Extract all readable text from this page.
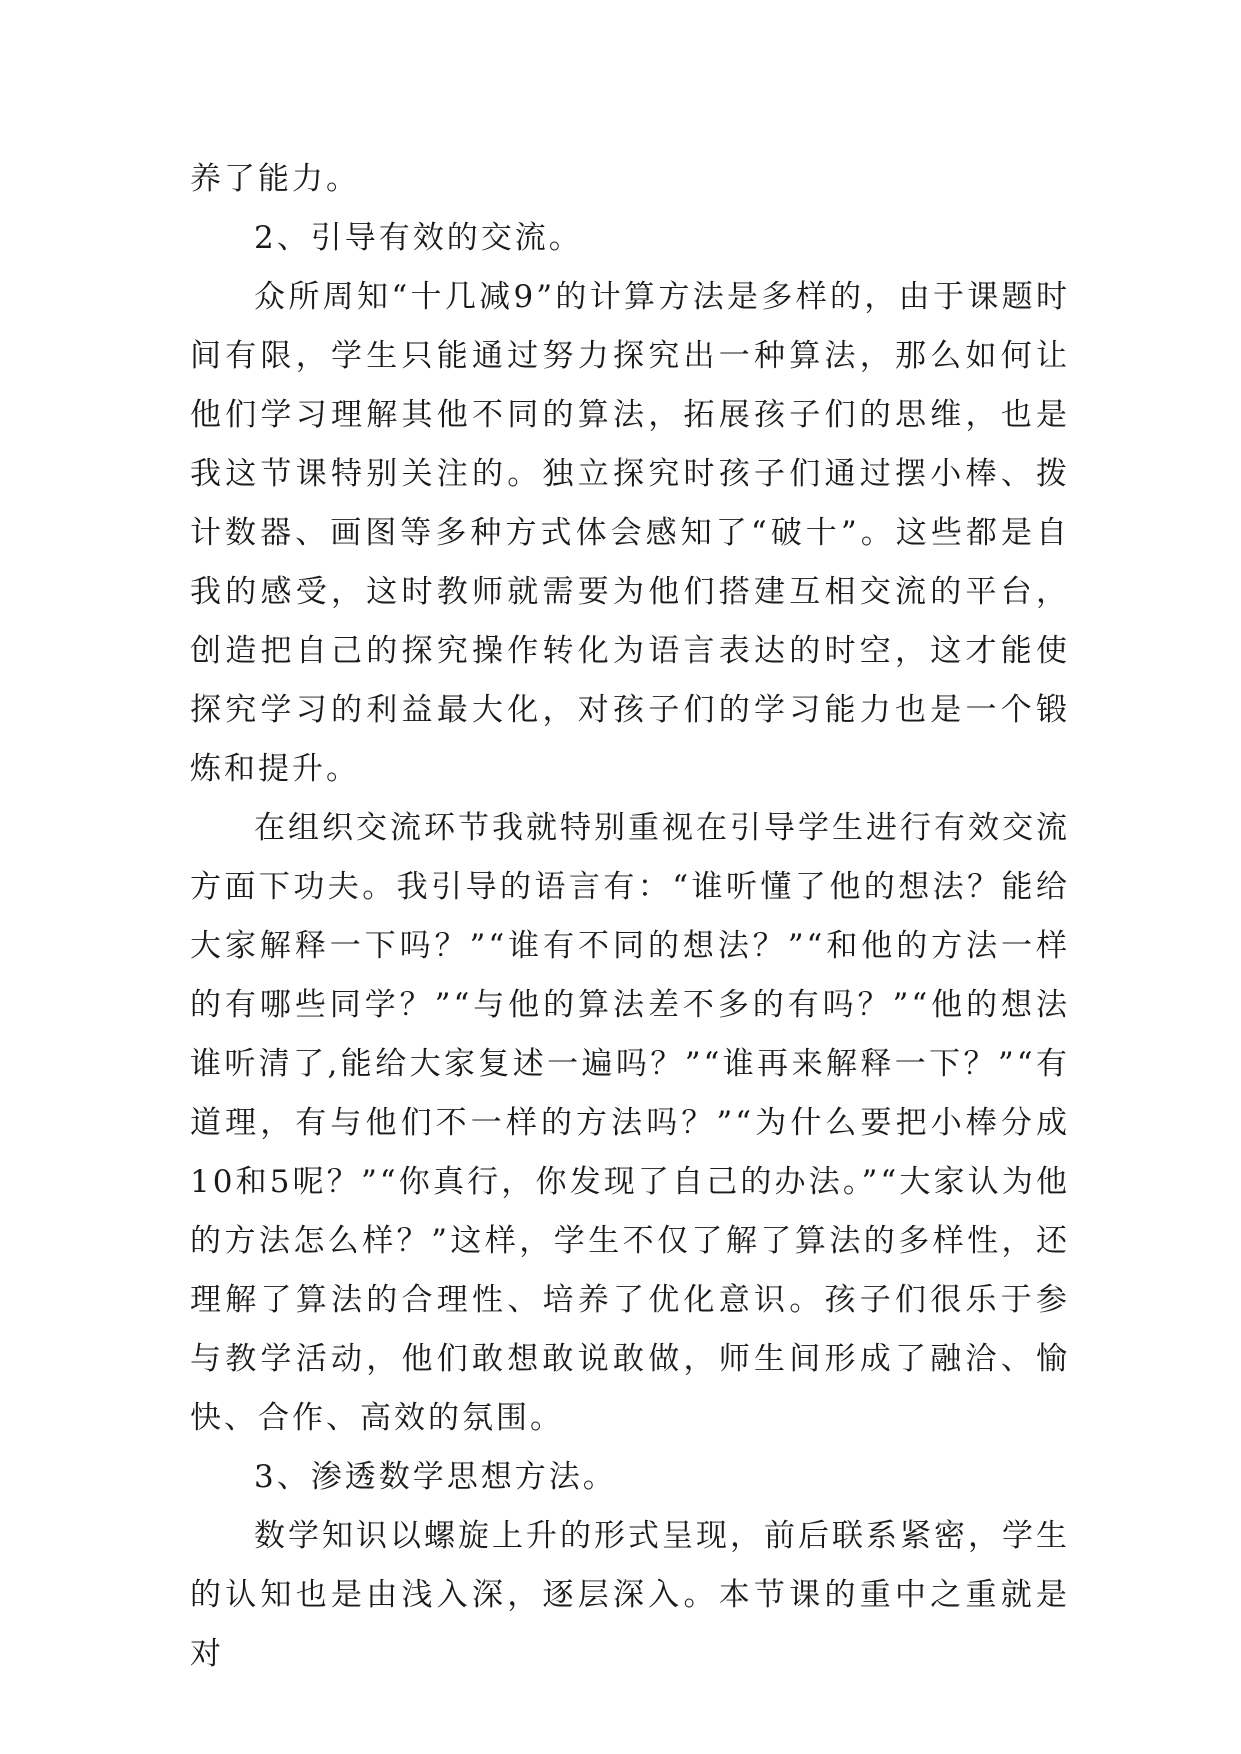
养了能力。

2、引导有效的交流。

众所周知“十几减9”的计算方法是多样的，由于课题时间有限，学生只能通过努力探究出一种算法，那么如何让他们学习理解其他不同的算法，拓展孩子们的思维，也是我这节课特别关注的。独立探究时孩子们通过摆小棒、拨计数器、画图等多种方式体会感知了“破十”。这些都是自我的感受，这时教师就需要为他们搭建互相交流的平台，创造把自己的探究操作转化为语言表达的时空，这才能使探究学习的利益最大化，对孩子们的学习能力也是一个锻炼和提升。

在组织交流环节我就特别重视在引导学生进行有效交流方面下功夫。我引导的语言有：“谁听懂了他的想法？能给大家解释一下吗？”“谁有不同的想法？”“和他的方法一样的有哪些同学？”“与他的算法差不多的有吗？”“他的想法谁听清了,能给大家复述一遍吗？”“谁再来解释一下？”“有道理，有与他们不一样的方法吗？”“为什么要把小棒分成10和5呢？”“你真行，你发现了自己的办法。”“大家认为他的方法怎么样？”这样，学生不仅了解了算法的多样性，还理解了算法的合理性、培养了优化意识。孩子们很乐于参与教学活动，他们敢想敢说敢做，师生间形成了融洽、愉快、合作、高效的氛围。

3、渗透数学思想方法。

数学知识以螺旋上升的形式呈现，前后联系紧密，学生的认知也是由浅入深，逐层深入。本节课的重中之重就是对
